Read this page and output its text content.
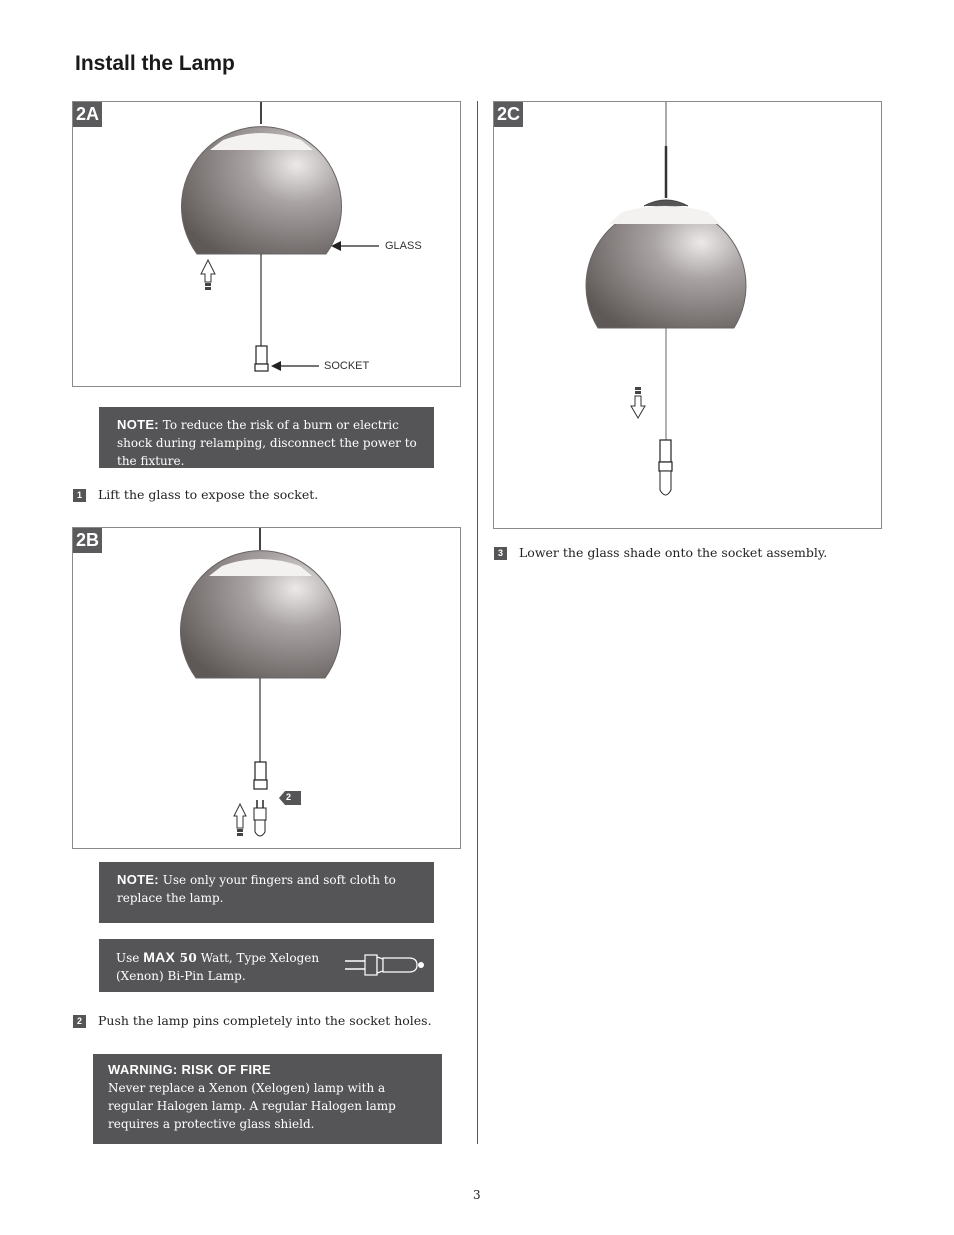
Install the Lamp
2A
GLASS
SOCKET
NOTE: To reduce the risk of a burn or electric shock during relamping, disconnect the power to the fixture.
1 Lift the glass to expose the socket.
2B
2
NOTE: Use only your fingers and soft cloth to replace the lamp.
Use MAX 50 Watt, Type Xelogen (Xenon) Bi-Pin Lamp.
2 Push the lamp pins completely into the socket holes.
WARNING: RISK OF FIRE
Never replace a Xenon (Xelogen) lamp with a regular Halogen lamp. A regular Halogen lamp requires a protective glass shield.
2C
3 Lower the glass shade onto the socket assembly.
3
